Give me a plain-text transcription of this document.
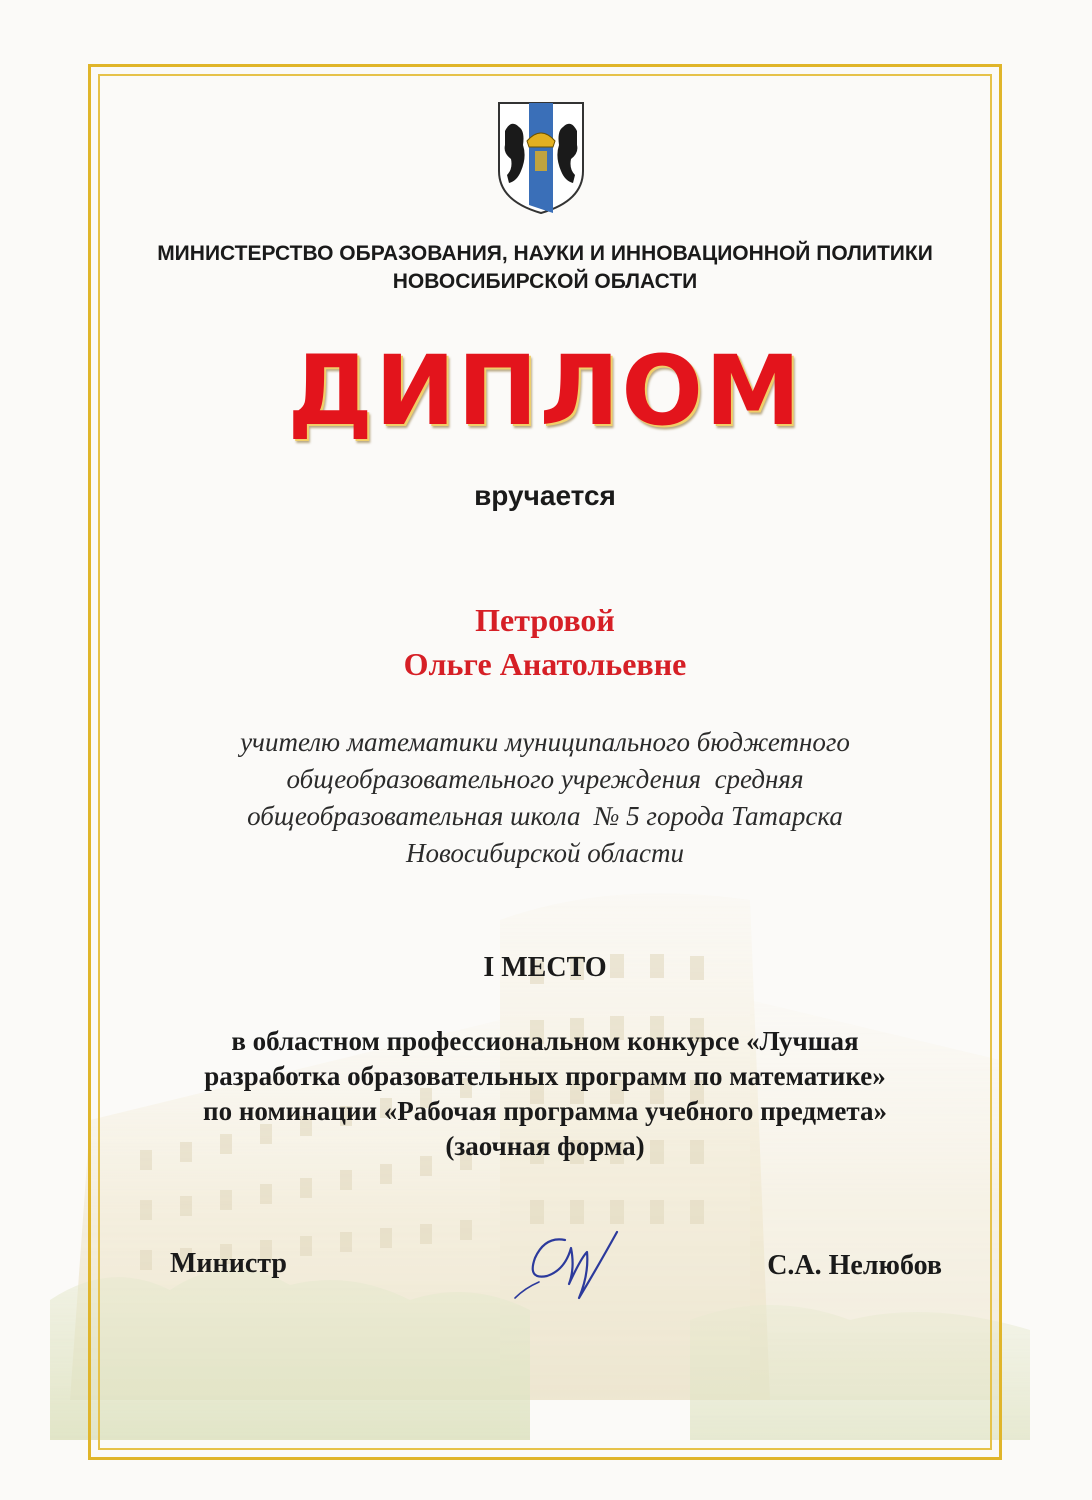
МИНИСТЕРСТВО ОБРАЗОВАНИЯ, НАУКИ И ИННОВАЦИОННОЙ ПОЛИТИКИ
НОВОСИБИРСКОЙ ОБЛАСТИ
ДИПЛОМ
вручается
Петровой
Ольге Анатольевне
учителю математики муниципального бюджетного
общеобразовательного учреждения  средняя
общеобразовательная школа  № 5 города Татарска
Новосибирской области
I МЕСТО
в областном профессиональном конкурсе «Лучшая
разработка образовательных программ по математике»
по номинации «Рабочая программа учебного предмета»
(заочная форма)
Министр	С.А. Нелюбов
